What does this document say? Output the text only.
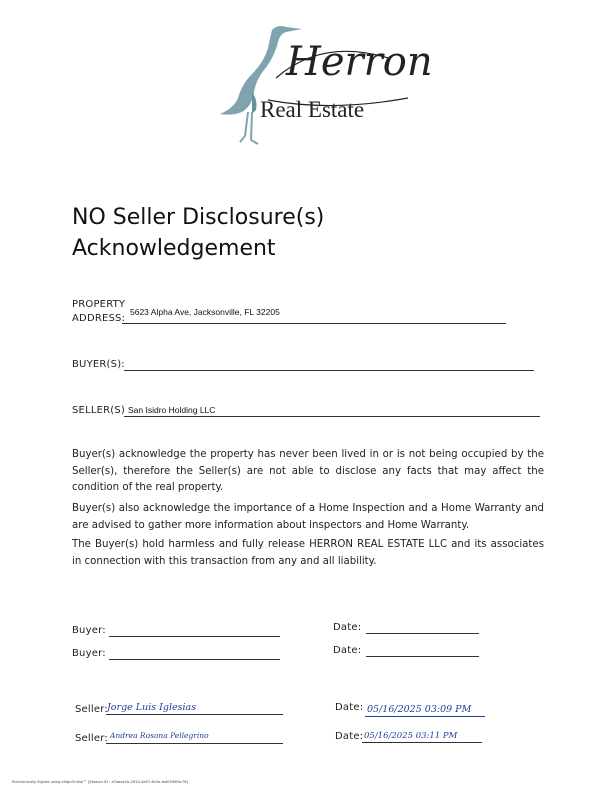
Herron
Real Estate
NO Seller Disclosure(s)
Acknowledgement
PROPERTY
ADDRESS:
5623 Alpha Ave, Jacksonville, FL 32205
BUYER(S):
SELLER(S) San Isidro Holding LLC
Buyer(s) acknowledge the property has never been lived in or is not being occupied by the Seller(s), therefore the Seller(s) are not able to disclose any facts that may affect the condition of the real property.
Buyer(s) also acknowledge the importance of a Home Inspection and a Home Warranty and are advised to gather more information about inspectors and Home Warranty.
The Buyer(s) hold harmless and fully release HERRON REAL ESTATE LLC and its associates in connection with this transaction from any and all liability.
Buyer:	Date:
Buyer:	Date:
Seller: Jorge Luis Iglesias	Date: 05/16/2025 03:09 PM
Seller: Andrea Rosana Pellegrino	Date: 05/16/2025 03:11 PM
Electronically Signed using eSignOnline™ [Session ID : a7aaee1b-2924-4a07-8c5e-fed0349f4c76]
